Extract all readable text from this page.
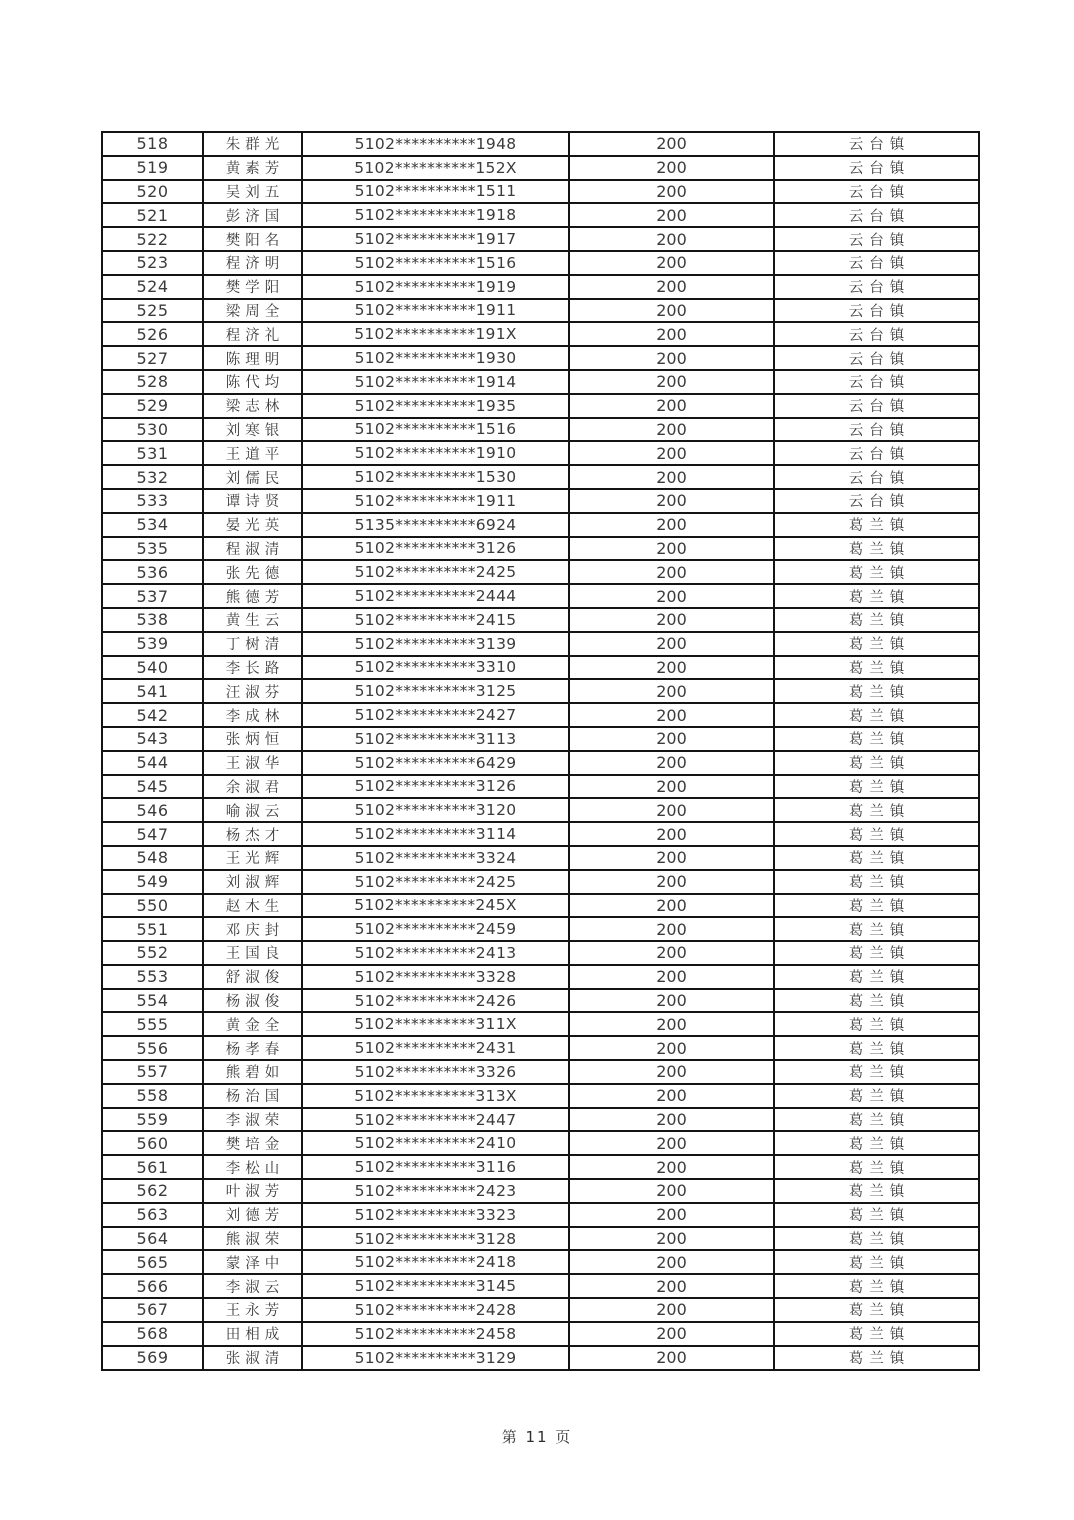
518	朱群光	5102**********1948	200	云台镇
519	黄素芳	5102**********152X	200	云台镇
520	吴刘五	5102**********1511	200	云台镇
521	彭济国	5102**********1918	200	云台镇
522	樊阳名	5102**********1917	200	云台镇
523	程济明	5102**********1516	200	云台镇
524	樊学阳	5102**********1919	200	云台镇
525	梁周全	5102**********1911	200	云台镇
526	程济礼	5102**********191X	200	云台镇
527	陈理明	5102**********1930	200	云台镇
528	陈代均	5102**********1914	200	云台镇
529	梁志林	5102**********1935	200	云台镇
530	刘寒银	5102**********1516	200	云台镇
531	王道平	5102**********1910	200	云台镇
532	刘儒民	5102**********1530	200	云台镇
533	谭诗贤	5102**********1911	200	云台镇
534	晏光英	5135**********6924	200	葛兰镇
535	程淑清	5102**********3126	200	葛兰镇
536	张先德	5102**********2425	200	葛兰镇
537	熊德芳	5102**********2444	200	葛兰镇
538	黄生云	5102**********2415	200	葛兰镇
539	丁树清	5102**********3139	200	葛兰镇
540	李长路	5102**********3310	200	葛兰镇
541	汪淑芬	5102**********3125	200	葛兰镇
542	李成林	5102**********2427	200	葛兰镇
543	张炳恒	5102**********3113	200	葛兰镇
544	王淑华	5102**********6429	200	葛兰镇
545	余淑君	5102**********3126	200	葛兰镇
546	喻淑云	5102**********3120	200	葛兰镇
547	杨杰才	5102**********3114	200	葛兰镇
548	王光辉	5102**********3324	200	葛兰镇
549	刘淑辉	5102**********2425	200	葛兰镇
550	赵木生	5102**********245X	200	葛兰镇
551	邓庆封	5102**********2459	200	葛兰镇
552	王国良	5102**********2413	200	葛兰镇
553	舒淑俊	5102**********3328	200	葛兰镇
554	杨淑俊	5102**********2426	200	葛兰镇
555	黄金全	5102**********311X	200	葛兰镇
556	杨孝春	5102**********2431	200	葛兰镇
557	熊碧如	5102**********3326	200	葛兰镇
558	杨治国	5102**********313X	200	葛兰镇
559	李淑荣	5102**********2447	200	葛兰镇
560	樊培金	5102**********2410	200	葛兰镇
561	李松山	5102**********3116	200	葛兰镇
562	叶淑芳	5102**********2423	200	葛兰镇
563	刘德芳	5102**********3323	200	葛兰镇
564	熊淑荣	5102**********3128	200	葛兰镇
565	蒙泽中	5102**********2418	200	葛兰镇
566	李淑云	5102**********3145	200	葛兰镇
567	王永芳	5102**********2428	200	葛兰镇
568	田相成	5102**********2458	200	葛兰镇
569	张淑清	5102**********3129	200	葛兰镇
第 11 页
